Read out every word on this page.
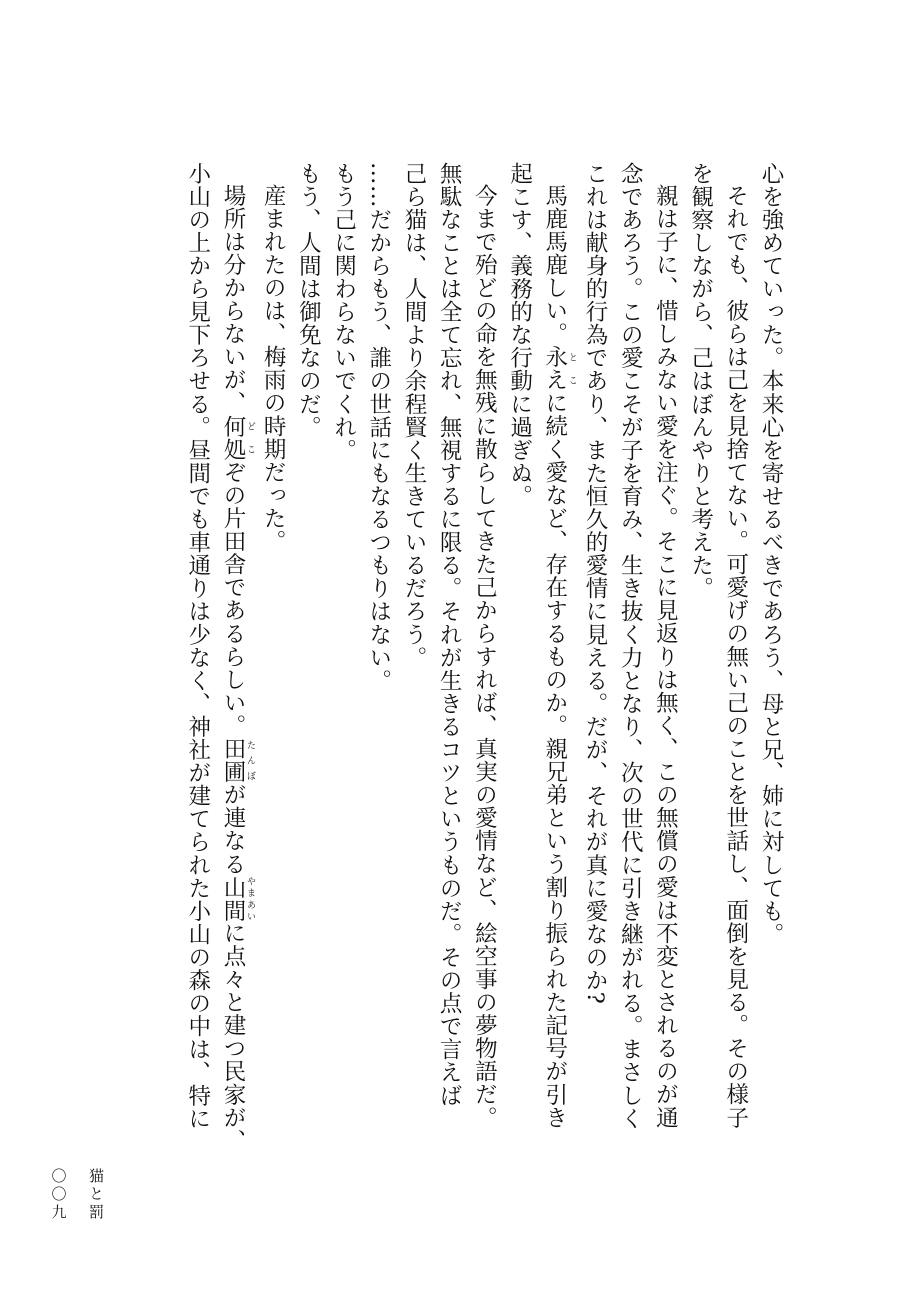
心を強めていった。本来心を寄せるべきであろう、母と兄、姉に対しても。

それでも、彼らは己を見捨てない。可愛げの無い己のことを世話し、面倒を見る。その様子

を観察しながら、己はぼんやりと考えた。

親は子に、惜しみない愛を注ぐ。そこに見返りは無く、この無償の愛は不変とされるのが通

念であろう。この愛こそが子を育み、生き抜く力となり、次の世代に引き継がれる。まさしく

これは献身的行為であり、また恒久的愛情に見える。だが、それが真に愛なのか?

馬鹿馬鹿しい。永え とこに続く愛など、存在するものか。親兄弟という割り振られた記号が引き

起こす、義務的な行動に過ぎぬ。

今まで殆どの命を無残に散らしてきた己からすれば、真実の愛情など、絵空事の夢物語だ。

無駄なことは全て忘れ、無視するに限る。それが生きるコツというものだ。その点で言えば

己ら猫は、人間より余程賢く生きているだろう。

……だからもう、誰の世話にもなるつもりはない。

もう己に関わらないでくれ。

もう、人間は御免なのだ。

産まれたのは、梅雨の時期だった。

場所は分からないが、何処 どこぞの片田舎であるらしい。田圃 たんぼが連なる山間 やまあいに点々と建つ民家が、

小山の上から見下ろせる。昼間でも車通りは少なく、神社が建てられた小山の森の中は、特に

〇〇九 猫と罰
